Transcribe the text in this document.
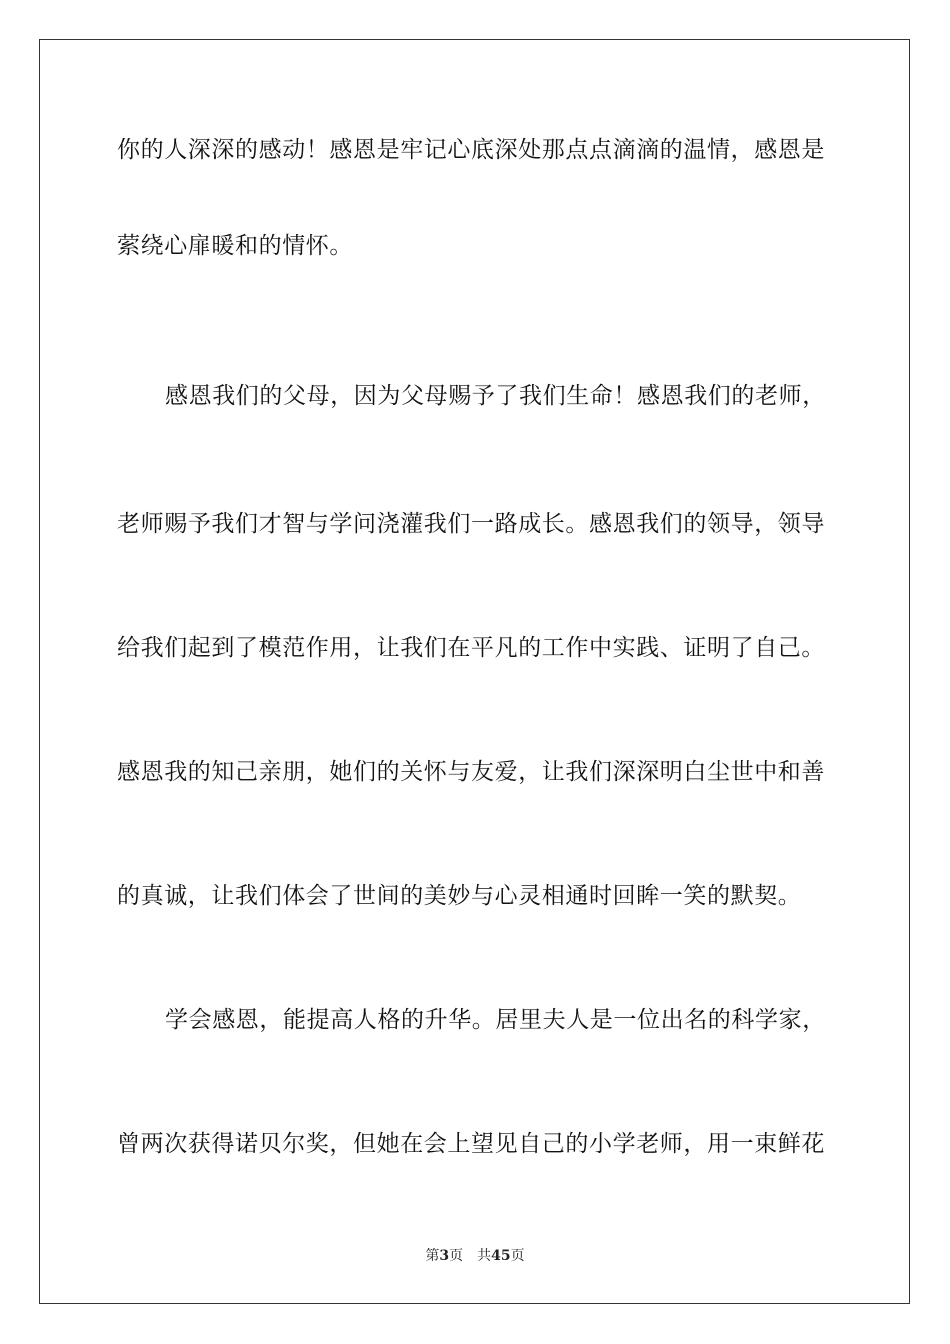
你的人深深的感动！感恩是牢记心底深处那点点滴滴的温情，感恩是
萦绕心扉暖和的情怀。
感恩我们的父母，因为父母赐予了我们生命！感恩我们的老师，
老师赐予我们才智与学问浇灌我们一路成长。感恩我们的领导，领导
给我们起到了模范作用，让我们在平凡的工作中实践、证明了自己。
感恩我的知己亲朋，她们的关怀与友爱，让我们深深明白尘世中和善
的真诚，让我们体会了世间的美妙与心灵相通时回眸一笑的默契。
学会感恩，能提高人格的升华。居里夫人是一位出名的科学家，
曾两次获得诺贝尔奖，但她在会上望见自己的小学老师，用一束鲜花
第3页 共45页
